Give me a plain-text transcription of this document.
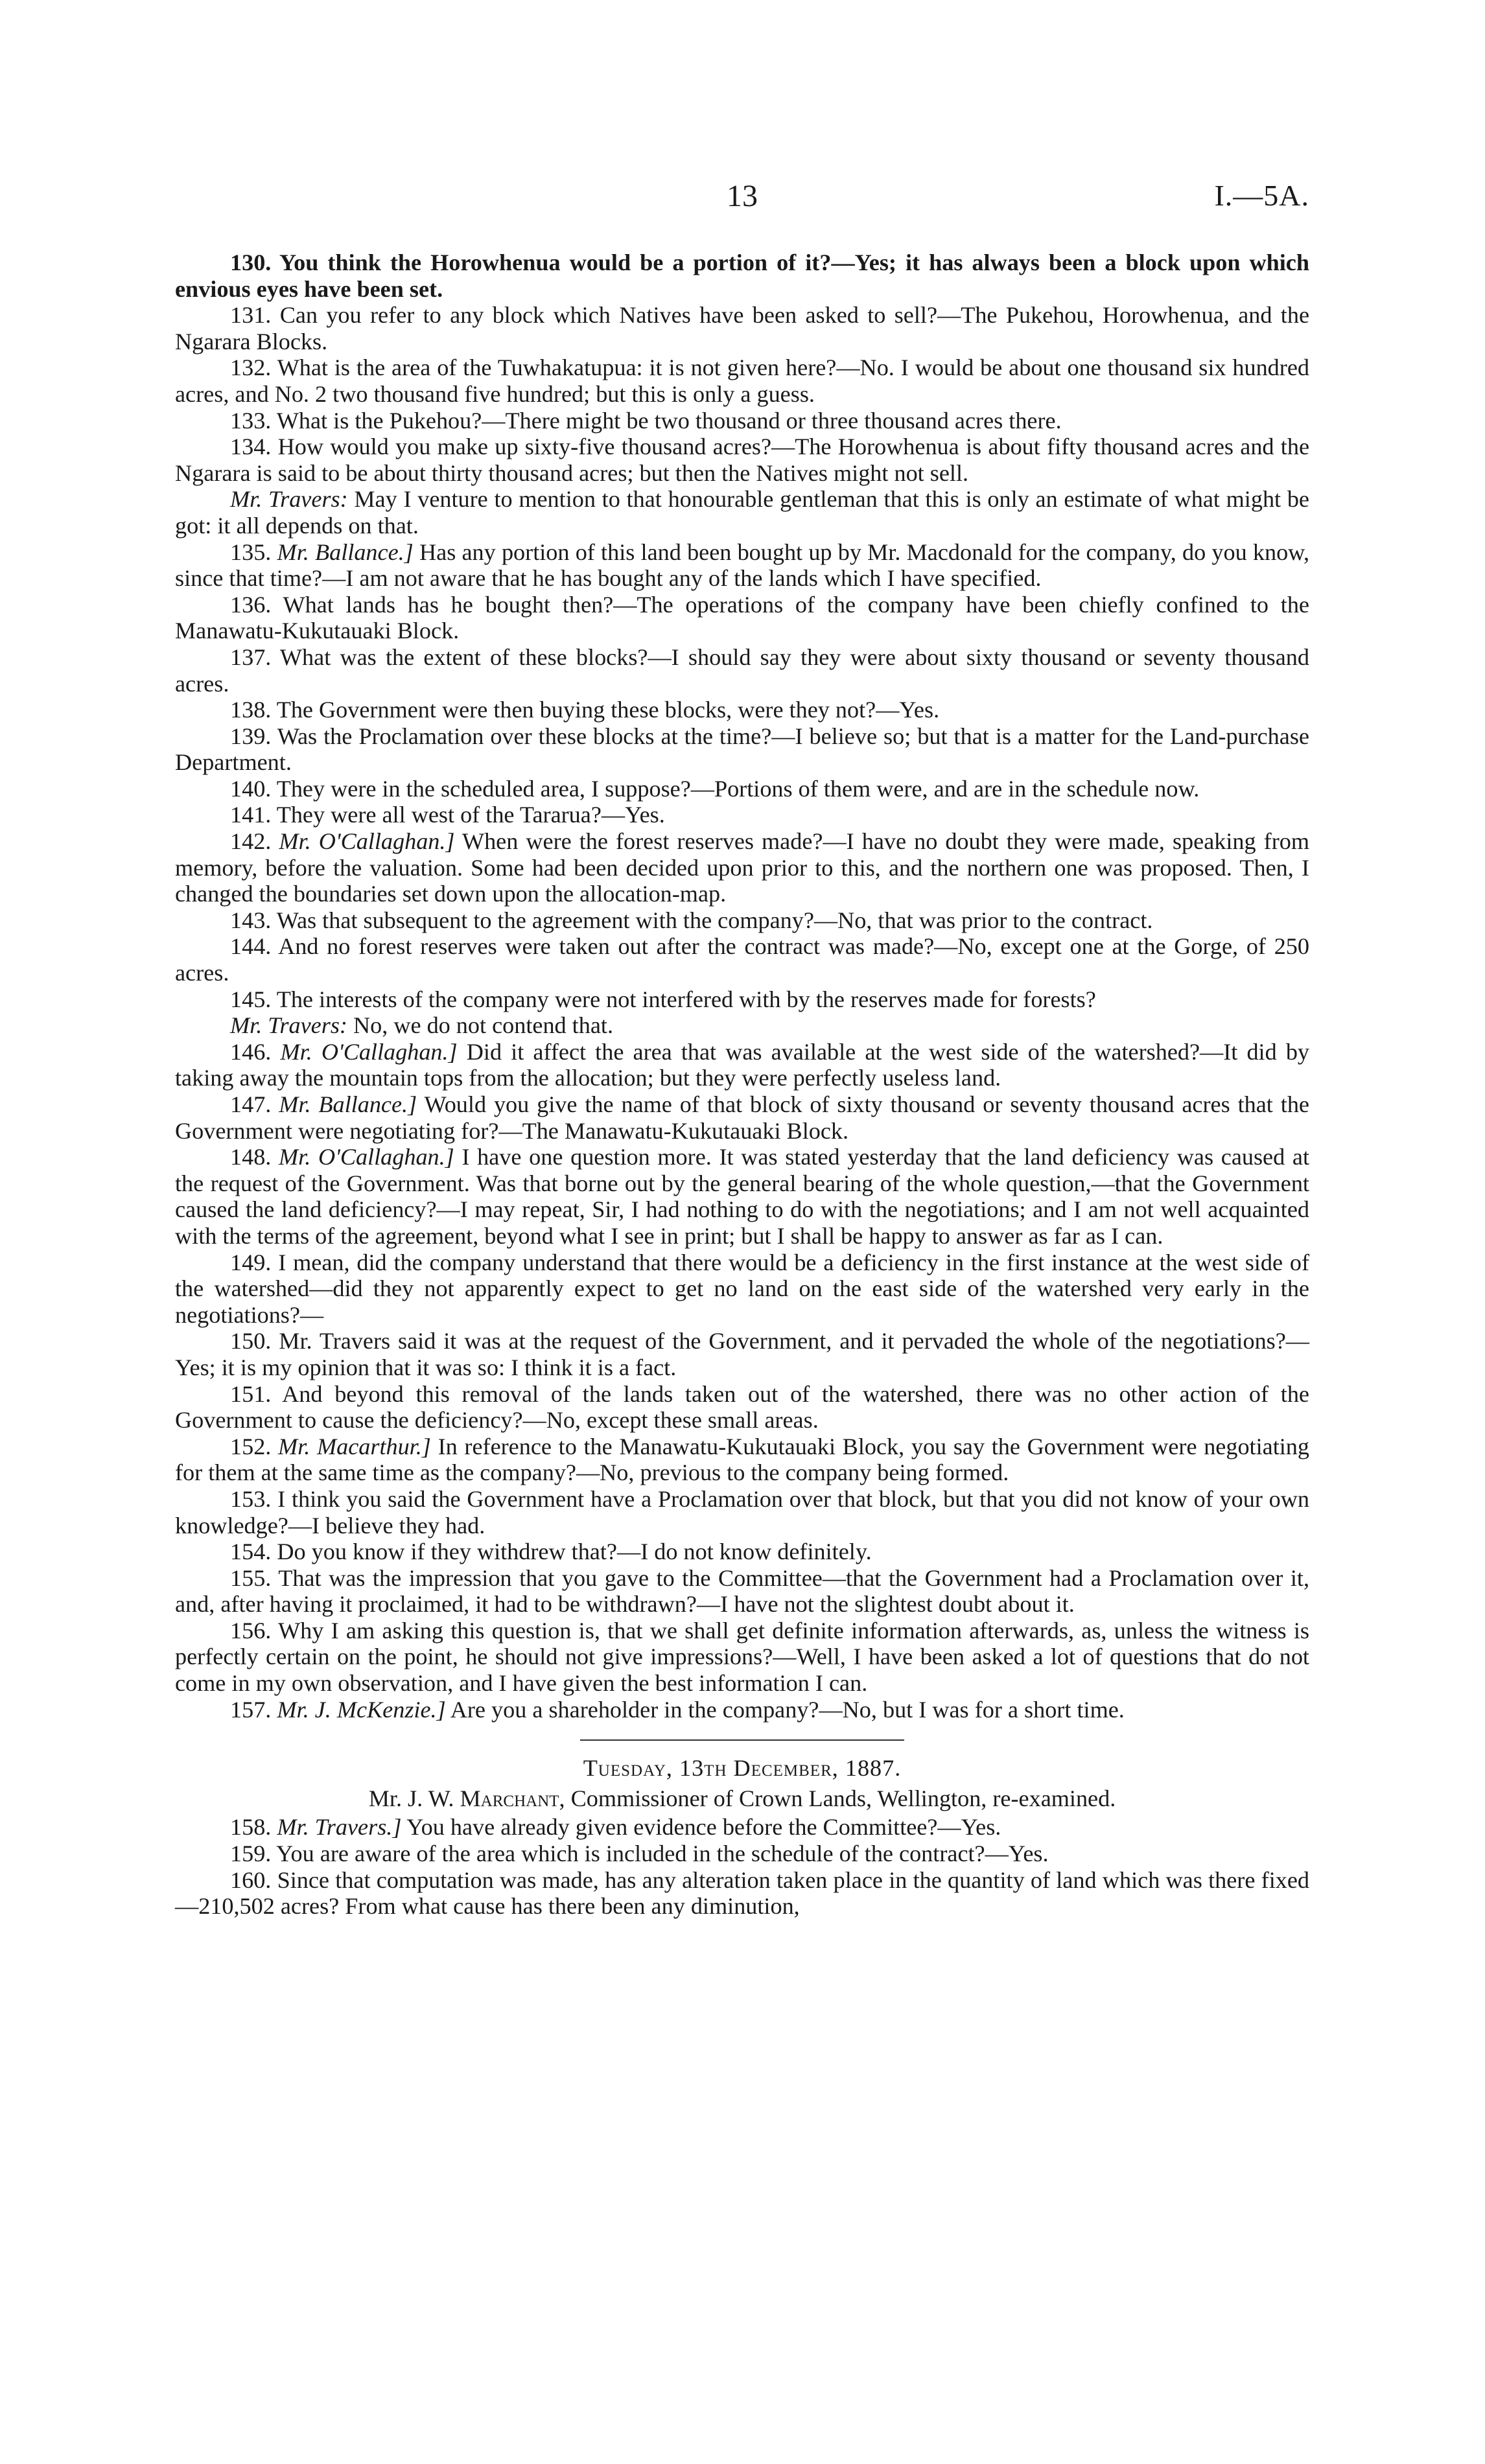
13	I.—5A.

130. You think the Horowhenua would be a portion of it?—Yes; it has always been a block upon which envious eyes have been set.

131. Can you refer to any block which Natives have been asked to sell?—The Pukehou, Horowhenua, and the Ngarara Blocks.

132. What is the area of the Tuwhakatupua: it is not given here?—No. I would be about one thousand six hundred acres, and No. 2 two thousand five hundred; but this is only a guess.

133. What is the Pukehou?—There might be two thousand or three thousand acres there.

134. How would you make up sixty-five thousand acres?—The Horowhenua is about fifty thousand acres and the Ngarara is said to be about thirty thousand acres; but then the Natives might not sell.

Mr. Travers: May I venture to mention to that honourable gentleman that this is only an estimate of what might be got: it all depends on that.

135. Mr. Ballance.] Has any portion of this land been bought up by Mr. Macdonald for the company, do you know, since that time?—I am not aware that he has bought any of the lands which I have specified.

136. What lands has he bought then?—The operations of the company have been chiefly confined to the Manawatu-Kukutauaki Block.

137. What was the extent of these blocks?—I should say they were about sixty thousand or seventy thousand acres.

138. The Government were then buying these blocks, were they not?—Yes.

139. Was the Proclamation over these blocks at the time?—I believe so; but that is a matter for the Land-purchase Department.

140. They were in the scheduled area, I suppose?—Portions of them were, and are in the schedule now.

141. They were all west of the Tararua?—Yes.

142. Mr. O'Callaghan.] When were the forest reserves made?—I have no doubt they were made, speaking from memory, before the valuation. Some had been decided upon prior to this, and the northern one was proposed. Then, I changed the boundaries set down upon the allocation-map.

143. Was that subsequent to the agreement with the company?—No, that was prior to the contract.

144. And no forest reserves were taken out after the contract was made?—No, except one at the Gorge, of 250 acres.

145. The interests of the company were not interfered with by the reserves made for forests?

Mr. Travers: No, we do not contend that.

146. Mr. O'Callaghan.] Did it affect the area that was available at the west side of the watershed?—It did by taking away the mountain tops from the allocation; but they were perfectly useless land.

147. Mr. Ballance.] Would you give the name of that block of sixty thousand or seventy thousand acres that the Government were negotiating for?—The Manawatu-Kukutauaki Block.

148. Mr. O'Callaghan.] I have one question more. It was stated yesterday that the land deficiency was caused at the request of the Government. Was that borne out by the general bearing of the whole question,—that the Government caused the land deficiency?—I may repeat, Sir, I had nothing to do with the negotiations; and I am not well acquainted with the terms of the agreement, beyond what I see in print; but I shall be happy to answer as far as I can.

149. I mean, did the company understand that there would be a deficiency in the first instance at the west side of the watershed—did they not apparently expect to get no land on the east side of the watershed very early in the negotiations?—

150. Mr. Travers said it was at the request of the Government, and it pervaded the whole of the negotiations?—Yes; it is my opinion that it was so: I think it is a fact.

151. And beyond this removal of the lands taken out of the watershed, there was no other action of the Government to cause the deficiency?—No, except these small areas.

152. Mr. Macarthur.] In reference to the Manawatu-Kukutauaki Block, you say the Government were negotiating for them at the same time as the company?—No, previous to the company being formed.

153. I think you said the Government have a Proclamation over that block, but that you did not know of your own knowledge?—I believe they had.

154. Do you know if they withdrew that?—I do not know definitely.

155. That was the impression that you gave to the Committee—that the Government had a Proclamation over it, and, after having it proclaimed, it had to be withdrawn?—I have not the slightest doubt about it.

156. Why I am asking this question is, that we shall get definite information afterwards, as, unless the witness is perfectly certain on the point, he should not give impressions?—Well, I have been asked a lot of questions that do not come in my own observation, and I have given the best information I can.

157. Mr. J. McKenzie.] Are you a shareholder in the company?—No, but I was for a short time.

Tuesday, 13th December, 1887.

Mr. J. W. Marchant, Commissioner of Crown Lands, Wellington, re-examined.

158. Mr. Travers.] You have already given evidence before the Committee?—Yes.

159. You are aware of the area which is included in the schedule of the contract?—Yes.

160. Since that computation was made, has any alteration taken place in the quantity of land which was there fixed—210,502 acres? From what cause has there been any diminution,
